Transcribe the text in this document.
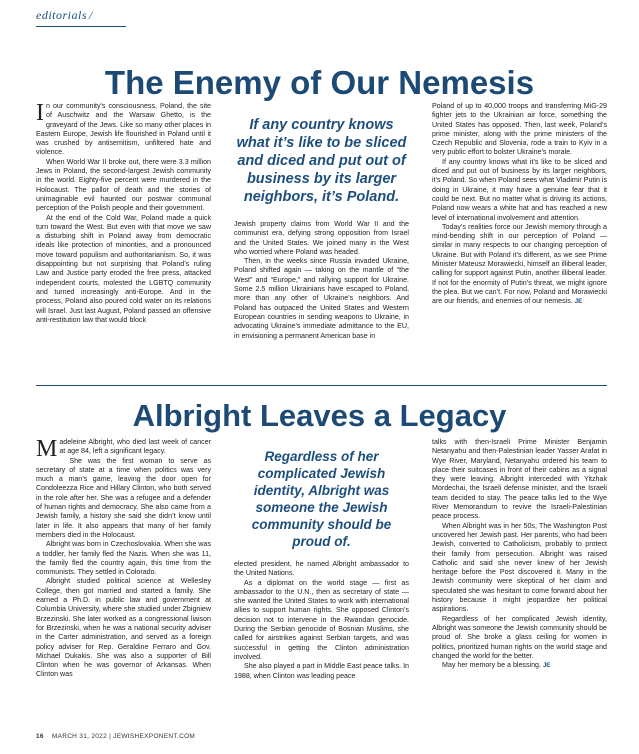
editorials /
The Enemy of Our Nemesis

In our community's consciousness, Poland, the site of Auschwitz and the Warsaw Ghetto, is the graveyard of the Jews. Like so many other places in Eastern Europe, Jewish life flourished in Poland until it was crushed by antisemitism, unfiltered hate and violence.

When World War II broke out, there were 3.3 million Jews in Poland, the second-largest Jewish community in the world. Eighty-five percent were murdered in the Holocaust. The pallor of death and the stories of unimaginable evil haunted our postwar communal perception of the Polish people and their government.

At the end of the Cold War, Poland made a quick turn toward the West. But even with that move we saw a disturbing shift in Poland away from democratic ideals like protection of minorities, and a pronounced move toward populism and authoritarianism. So, it was disappointing but not surprising that Poland’s ruling Law and Justice party eroded the free press, attacked independent courts, molested the LGBTQ community and turned increasingly anti-Europe. And in the process, Poland also poured cold water on its relations will Israel. Just last August, Poland passed an offensive anti-restitution law that would block

If any country knows what it’s like to be sliced and diced and put out of business by its larger neighbors, it’s Poland.

Jewish property claims from World War II and the communist era, defying strong opposition from Israel and the United States. We joined many in the West who worried where Poland was headed.

Then, in the weeks since Russia invaded Ukraine, Poland shifted again — taking on the mantle of “the West” and “Europe,” and rallying support for Ukraine. Some 2.5 million Ukrainians have escaped to Poland, more than any other of Ukraine’s neighbors. And Poland has outpaced the United States and Western European countries in sending weapons to Ukraine, in advocating Ukraine’s immediate admittance to the EU, in envisioning a permanent American base in

Poland of up to 40,000 troops and transferring MiG-29 fighter jets to the Ukrainian air force, something the United States has opposed. Then, last week, Poland’s prime minister, along with the prime ministers of the Czech Republic and Slovenia, rode a train to Kyiv in a very public effort to bolster Ukraine’s morale.

If any country knows what it’s like to be sliced and diced and put out of business by its larger neighbors, it’s Poland. So when Poland sees what Vladimir Putin is doing in Ukraine, it may have a genuine fear that it could be next. But no matter what is driving its actions, Poland now wears a white hat and has reached a new level of international involvement and attention.

Today’s realities force our Jewish memory through a mind-bending shift in our perception of Poland — similar in many respects to our changing perception of Ukraine. But with Poland it’s different, as we see Prime Minister Mateusz Morawiecki, himself an illiberal leader, calling for support against Putin, another illiberal leader. If not for the enormity of Putin’s threat, we might ignore the plea. But we can’t. For now, Poland and Morawiecki are our friends, and enemies of our nemesis. JE

Albright Leaves a Legacy

Madeleine Albright, who died last week of cancer at age 84, left a significant legacy.

She was the first woman to serve as secretary of state at a time when politics was very much a man’s game, leaving the door open for Condoleezza Rice and Hillary Clinton, who both served in the role after her. She was a refugee and a defender of human rights and democracy. She also came from a Jewish family, a history she said she didn’t know until later in life. It also appears that many of her family members died in the Holocaust.

Albright was born in Czechoslovakia. When she was a toddler, her family fled the Nazis. When she was 11, the family fled the country again, this time from the communists. They settled in Colorado.

Albright studied political science at Wellesley College, then got married and started a family. She earned a Ph.D. in public law and government at Columbia University, where she studied under Zbigniew Brzezinski. She later worked as a congressional liaison for Brzezinski, when he was a national security adviser in the Carter administration, and served as a foreign policy adviser for Rep. Geraldine Ferraro and Gov. Michael Dukakis. She was also a supporter of Bill Clinton when he was governor of Arkansas. When Clinton was

Regardless of her complicated Jewish identity, Albright was someone the Jewish community should be proud of.

elected president, he named Albright ambassador to the United Nations.

As a diplomat on the world stage — first as ambassador to the U.N., then as secretary of state — she wanted the United States to work with international allies to support human rights. She opposed Clinton’s decision not to intervene in the Rwandan genocide. During the Serbian genocide of Bosnian Muslims, she called for airstrikes against Serbian targets, and was successful in getting the Clinton administration involved.

She also played a part in Middle East peace talks. In 1988, when Clinton was leading peace

talks with then-Israeli Prime Minister Benjamin Netanyahu and then-Palestinian leader Yasser Arafat in Wye River, Maryland, Netanyahu ordered his team to place their suitcases in front of their cabins as a signal they were leaving. Albright interceded with Yitzhak Mordechai, the Israeli defense minister, and the Israeli team decided to stay. The peace talks led to the Wye River Memorandum to revive the Israeli-Palestinian peace process.

When Albright was in her 50s, The Washington Post uncovered her Jewish past. Her parents, who had been Jewish, converted to Catholicism, probably to protect their family from persecution. Albright was raised Catholic and said she never knew of her Jewish heritage before the Post discovered it. Many in the Jewish community were skeptical of her claim and speculated she was hesitant to come forward about her history because it might jeopardize her political aspirations.

Regardless of her complicated Jewish identity, Albright was someone the Jewish community should be proud of. She broke a glass ceiling for women in politics, prioritized human rights on the world stage and changed the world for the better.

May her memory be a blessing. JE

16 MARCH 31, 2022 | JEWISHEXPONENT.COM
